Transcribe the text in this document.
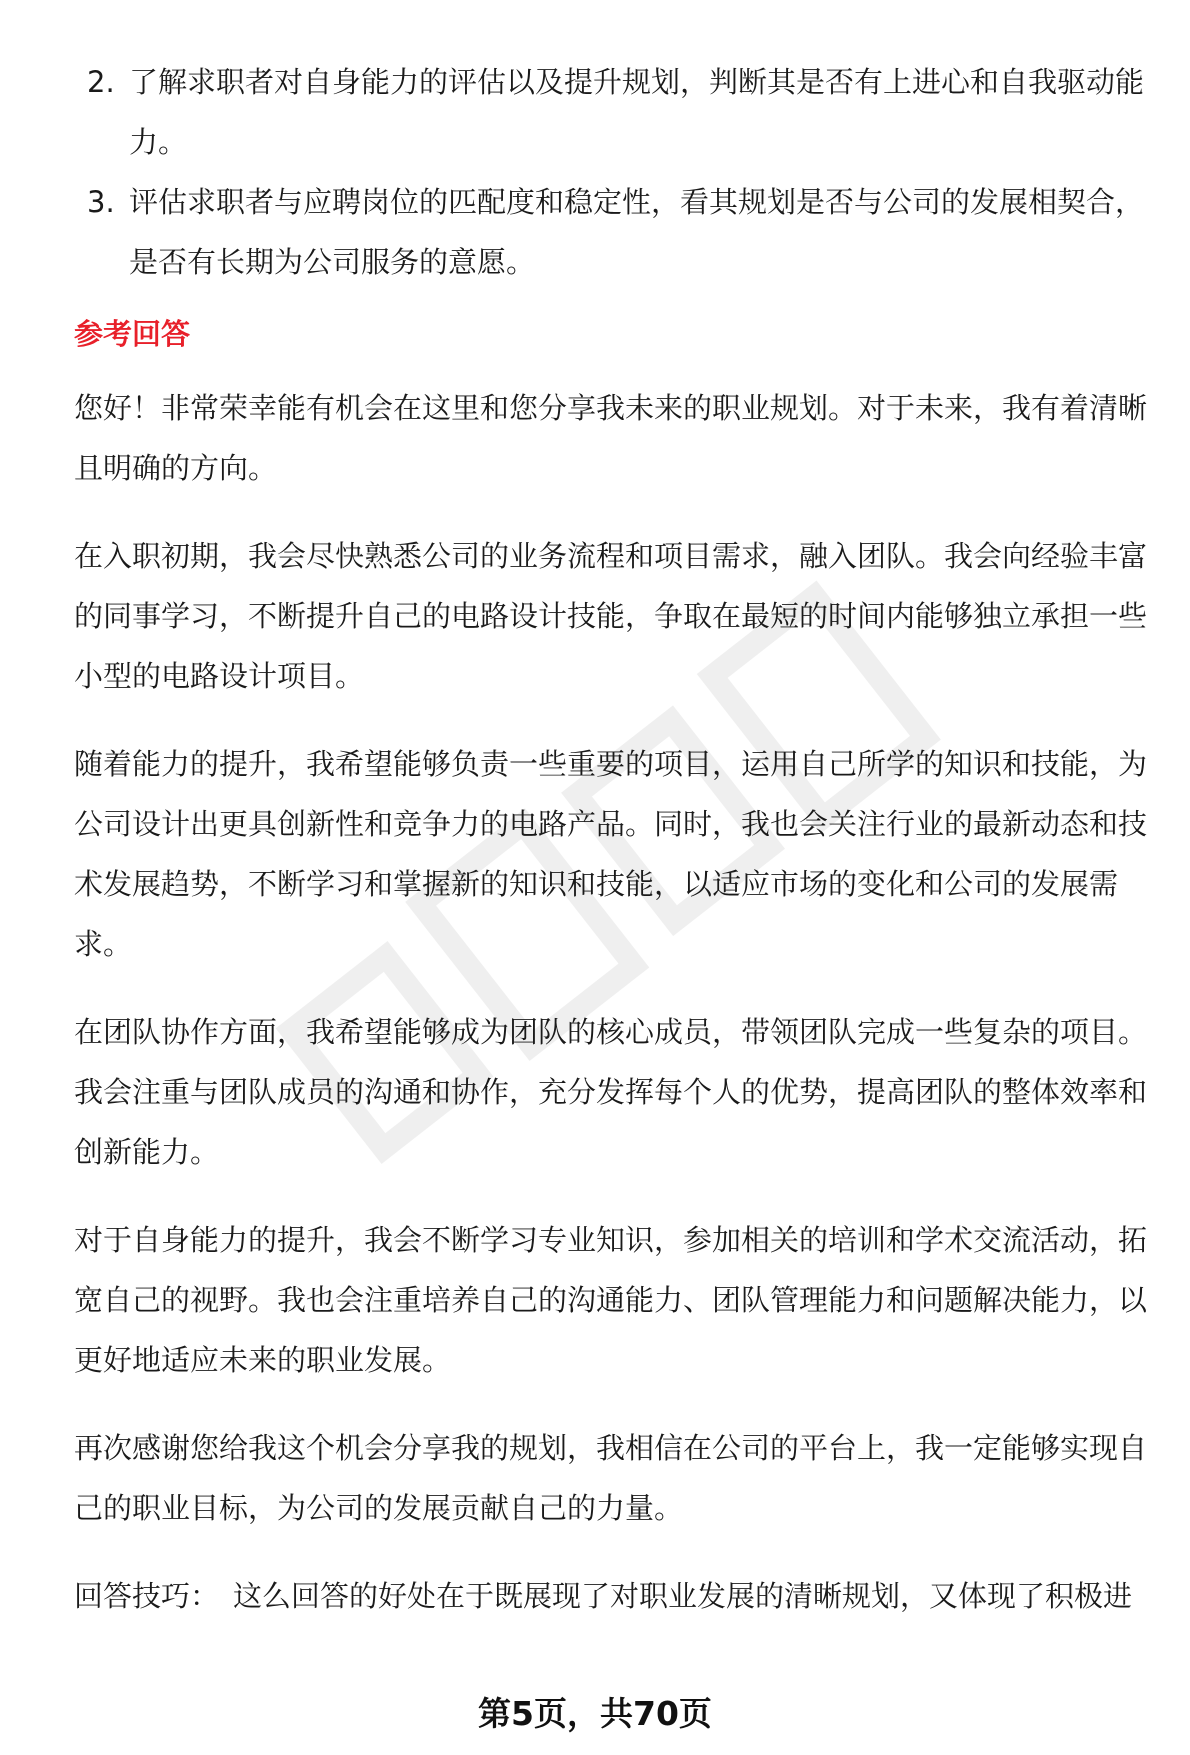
2. 了解求职者对自身能力的评估以及提升规划，判断其是否有上进心和自我驱动能力。
3. 评估求职者与应聘岗位的匹配度和稳定性，看其规划是否与公司的发展相契合，是否有长期为公司服务的意愿。
参考回答

您好！非常荣幸能有机会在这里和您分享我未来的职业规划。对于未来，我有着清晰且明确的方向。

在入职初期，我会尽快熟悉公司的业务流程和项目需求，融入团队。我会向经验丰富的同事学习，不断提升自己的电路设计技能，争取在最短的时间内能够独立承担一些小型的电路设计项目。

随着能力的提升，我希望能够负责一些重要的项目，运用自己所学的知识和技能，为公司设计出更具创新性和竞争力的电路产品。同时，我也会关注行业的最新动态和技术发展趋势，不断学习和掌握新的知识和技能，以适应市场的变化和公司的发展需求。

在团队协作方面，我希望能够成为团队的核心成员，带领团队完成一些复杂的项目。我会注重与团队成员的沟通和协作，充分发挥每个人的优势，提高团队的整体效率和创新能力。

对于自身能力的提升，我会不断学习专业知识，参加相关的培训和学术交流活动，拓宽自己的视野。我也会注重培养自己的沟通能力、团队管理能力和问题解决能力，以更好地适应未来的职业发展。

再次感谢您给我这个机会分享我的规划，我相信在公司的平台上，我一定能够实现自己的职业目标，为公司的发展贡献自己的力量。

回答技巧： 这么回答的好处在于既展现了对职业发展的清晰规划，又体现了积极进
第5页，共70页
